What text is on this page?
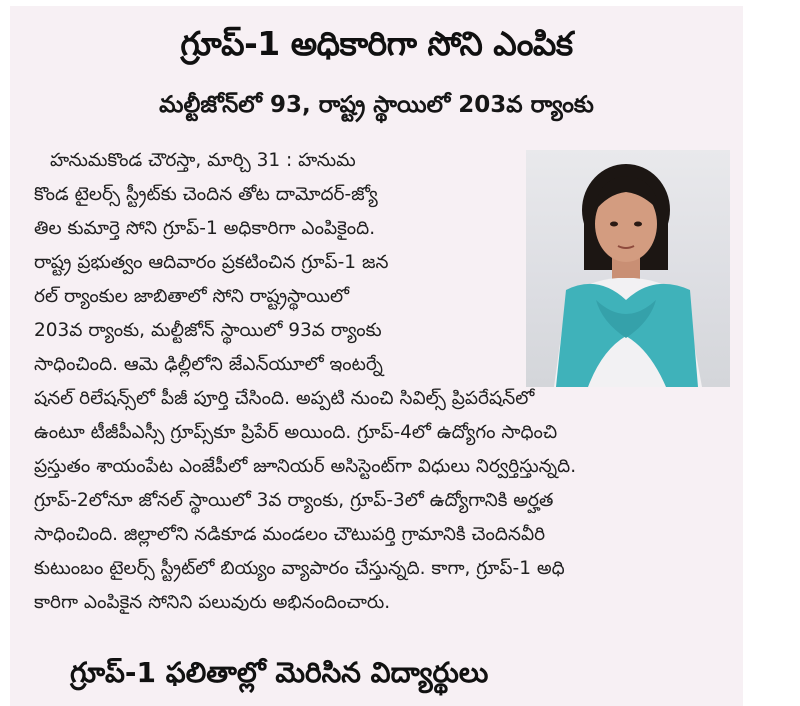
గ్రూప్-1 అధికారిగా సోని ఎంపిక
మల్టీజోన్‌లో 93, రాష్ట్ర స్థాయిలో 203వ ర్యాంకు
హనుమకొండ చౌరస్తా, మార్చి 31 : హనుమ
కొండ టైలర్స్ స్ట్రీట్‌కు చెందిన తోట దామోదర్-జ్యో
తిల కుమార్తె సోని గ్రూప్-1 అధికారిగా ఎంపికైంది.
రాష్ట్ర ప్రభుత్వం ఆదివారం ప్రకటించిన గ్రూప్-1 జన
రల్ ర్యాంకుల జాబితాలో సోని రాష్ట్రస్థాయిలో
203వ ర్యాంకు, మల్టీజోన్ స్థాయిలో 93వ ర్యాంకు
సాధించింది. ఆమె ఢిల్లీలోని జేఎన్‌యూలో ఇంటర్నే
షనల్ రిలేషన్స్‌లో పీజీ పూర్తి చేసింది. అప్పటి నుంచి సివిల్స్ ప్రిపరేషన్‌లో
ఉంటూ టీజీపీఎస్సీ గ్రూప్స్‌కూ ప్రిపేర్ అయింది. గ్రూప్-4లో ఉద్యోగం సాధించి
ప్రస్తుతం శాయంపేట ఎంజేపీలో జూనియర్ అసిస్టెంట్‌గా విధులు నిర్వర్తిస్తున్నది.
గ్రూప్-2లోనూ జోనల్ స్థాయిలో 3వ ర్యాంకు, గ్రూప్-3లో ఉద్యోగానికి అర్హత
సాధించింది. జిల్లాలోని నడికూడ మండలం చౌటుపర్తి గ్రామానికి చెందినవీరి
కుటుంబం టైలర్స్ స్ట్రీట్‌లో బియ్యం వ్యాపారం చేస్తున్నది. కాగా, గ్రూప్-1 అధి
కారిగా ఎంపికైన సోనిని పలువురు అభినందించారు.
గ్రూప్-1 ఫలితాల్లో మెరిసిన విద్యార్థులు
